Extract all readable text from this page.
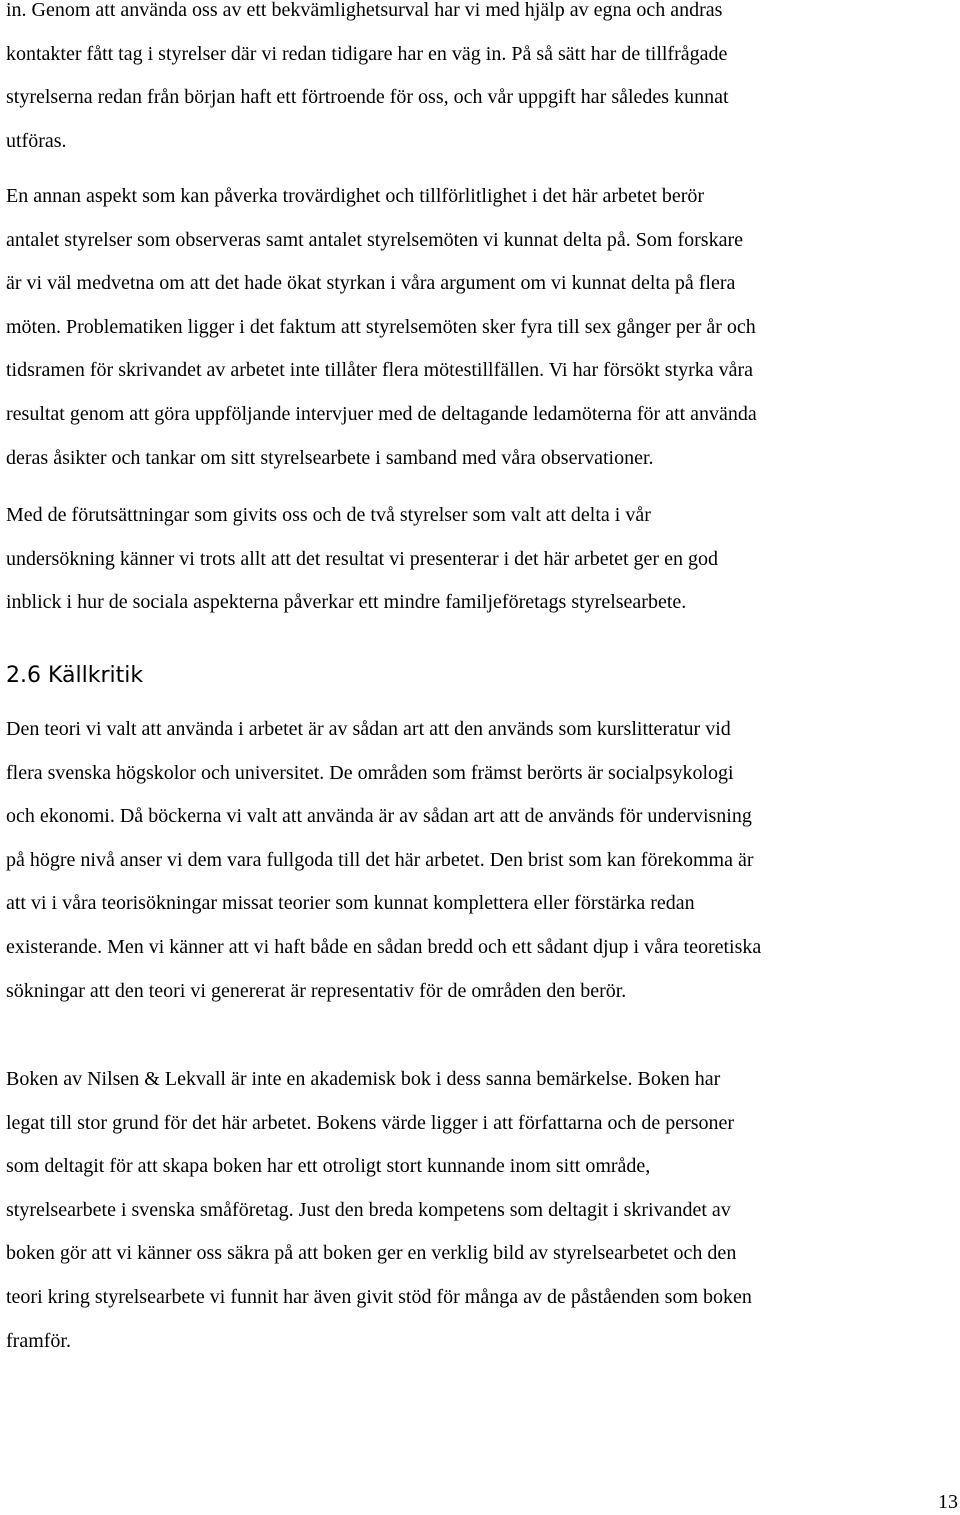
in. Genom att använda oss av ett bekvämlighetsurval har vi med hjälp av egna och andras
kontakter fått tag i styrelser där vi redan tidigare har en väg in. På så sätt har de tillfrågade
styrelserna redan från början haft ett förtroende för oss, och vår uppgift har således kunnat
utföras.

En annan aspekt som kan påverka trovärdighet och tillförlitlighet i det här arbetet berör
antalet styrelser som observeras samt antalet styrelsemöten vi kunnat delta på. Som forskare
är vi väl medvetna om att det hade ökat styrkan i våra argument om vi kunnat delta på flera
möten. Problematiken ligger i det faktum att styrelsemöten sker fyra till sex gånger per år och
tidsramen för skrivandet av arbetet inte tillåter flera mötestillfällen. Vi har försökt styrka våra
resultat genom att göra uppföljande intervjuer med de deltagande ledamöterna för att använda
deras åsikter och tankar om sitt styrelsearbete i samband med våra observationer.

Med de förutsättningar som givits oss och de två styrelser som valt att delta i vår
undersökning känner vi trots allt att det resultat vi presenterar i det här arbetet ger en god
inblick i hur de sociala aspekterna påverkar ett mindre familjeföretags styrelsearbete.

2.6 Källkritik

Den teori vi valt att använda i arbetet är av sådan art att den används som kurslitteratur vid
flera svenska högskolor och universitet. De områden som främst berörts är socialpsykologi
och ekonomi. Då böckerna vi valt att använda är av sådan art att de används för undervisning
på högre nivå anser vi dem vara fullgoda till det här arbetet. Den brist som kan förekomma är
att vi i våra teorisökningar missat teorier som kunnat komplettera eller förstärka redan
existerande. Men vi känner att vi haft både en sådan bredd och ett sådant djup i våra teoretiska
sökningar att den teori vi genererat är representativ för de områden den berör.

Boken av Nilsen & Lekvall är inte en akademisk bok i dess sanna bemärkelse. Boken har
legat till stor grund för det här arbetet. Bokens värde ligger i att författarna och de personer
som deltagit för att skapa boken har ett otroligt stort kunnande inom sitt område,
styrelsearbete i svenska småföretag. Just den breda kompetens som deltagit i skrivandet av
boken gör att vi känner oss säkra på att boken ger en verklig bild av styrelsearbetet och den
teori kring styrelsearbete vi funnit har även givit stöd för många av de påståenden som boken
framför.

13
